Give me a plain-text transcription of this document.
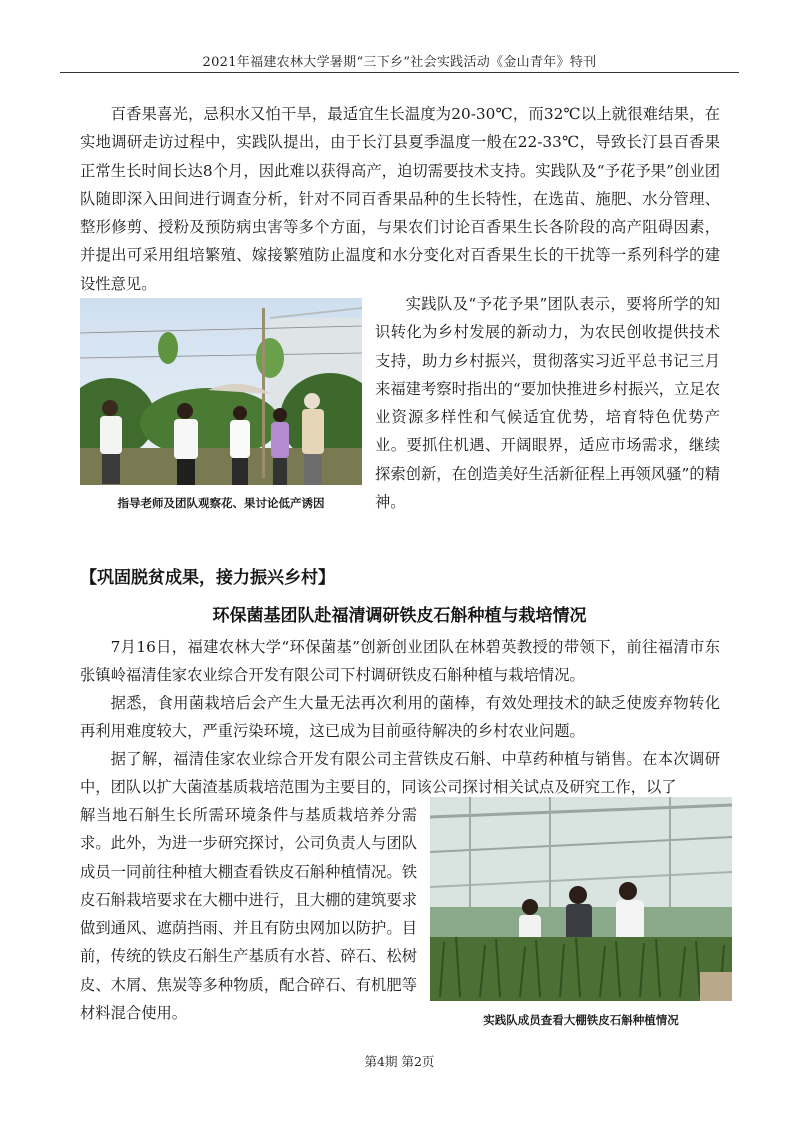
2021年福建农林大学暑期“三下乡”社会实践活动《金山青年》特刊

百香果喜光，忌积水又怕干旱，最适宜生长温度为20-30℃，而32℃以上就很难结果，在实地调研走访过程中，实践队提出，由于长汀县夏季温度一般在22-33℃，导致长汀县百香果正常生长时间长达8个月，因此难以获得高产，迫切需要技术支持。实践队及“予花予果”创业团队随即深入田间进行调查分析，针对不同百香果品种的生长特性，在选苗、施肥、水分管理、整形修剪、授粉及预防病虫害等多个方面，与果农们讨论百香果生长各阶段的高产阻碍因素，并提出可采用组培繁殖、嫁接繁殖防止温度和水分变化对百香果生长的干扰等一系列科学的建设性意见。

指导老师及团队观察花、果讨论低产诱因

实践队及“予花予果”团队表示，要将所学的知识转化为乡村发展的新动力，为农民创收提供技术支持，助力乡村振兴，贯彻落实习近平总书记三月来福建考察时指出的“要加快推进乡村振兴，立足农业资源多样性和气候适宜优势，培育特色优势产业。要抓住机遇、开阔眼界，适应市场需求，继续探索创新，在创造美好生活新征程上再领风骚”的精神。

【巩固脱贫成果，接力振兴乡村】
环保菌基团队赴福清调研铁皮石斛种植与栽培情况

7月16日，福建农林大学“环保菌基”创新创业团队在林碧英教授的带领下，前往福清市东张镇岭福清佳家农业综合开发有限公司下村调研铁皮石斛种植与栽培情况。

据悉，食用菌栽培后会产生大量无法再次利用的菌棒，有效处理技术的缺乏使废弃物转化再利用难度较大，严重污染环境，这已成为目前亟待解决的乡村农业问题。

据了解，福清佳家农业综合开发有限公司主营铁皮石斛、中草药种植与销售。在本次调研中，团队以扩大菌渣基质栽培范围为主要目的，同该公司探讨相关试点及研究工作，以了

解当地石斛生长所需环境条件与基质栽培养分需求。此外，为进一步研究探讨，公司负责人与团队成员一同前往种植大棚查看铁皮石斛种植情况。铁皮石斛栽培要求在大棚中进行，且大棚的建筑要求做到通风、遮荫挡雨、并且有防虫网加以防护。目前，传统的铁皮石斛生产基质有水苔、碎石、松树皮、木屑、焦炭等多种物质，配合碎石、有机肥等材料混合使用。	实践队成员查看大棚铁皮石斛种植情况
第4期 第2页
